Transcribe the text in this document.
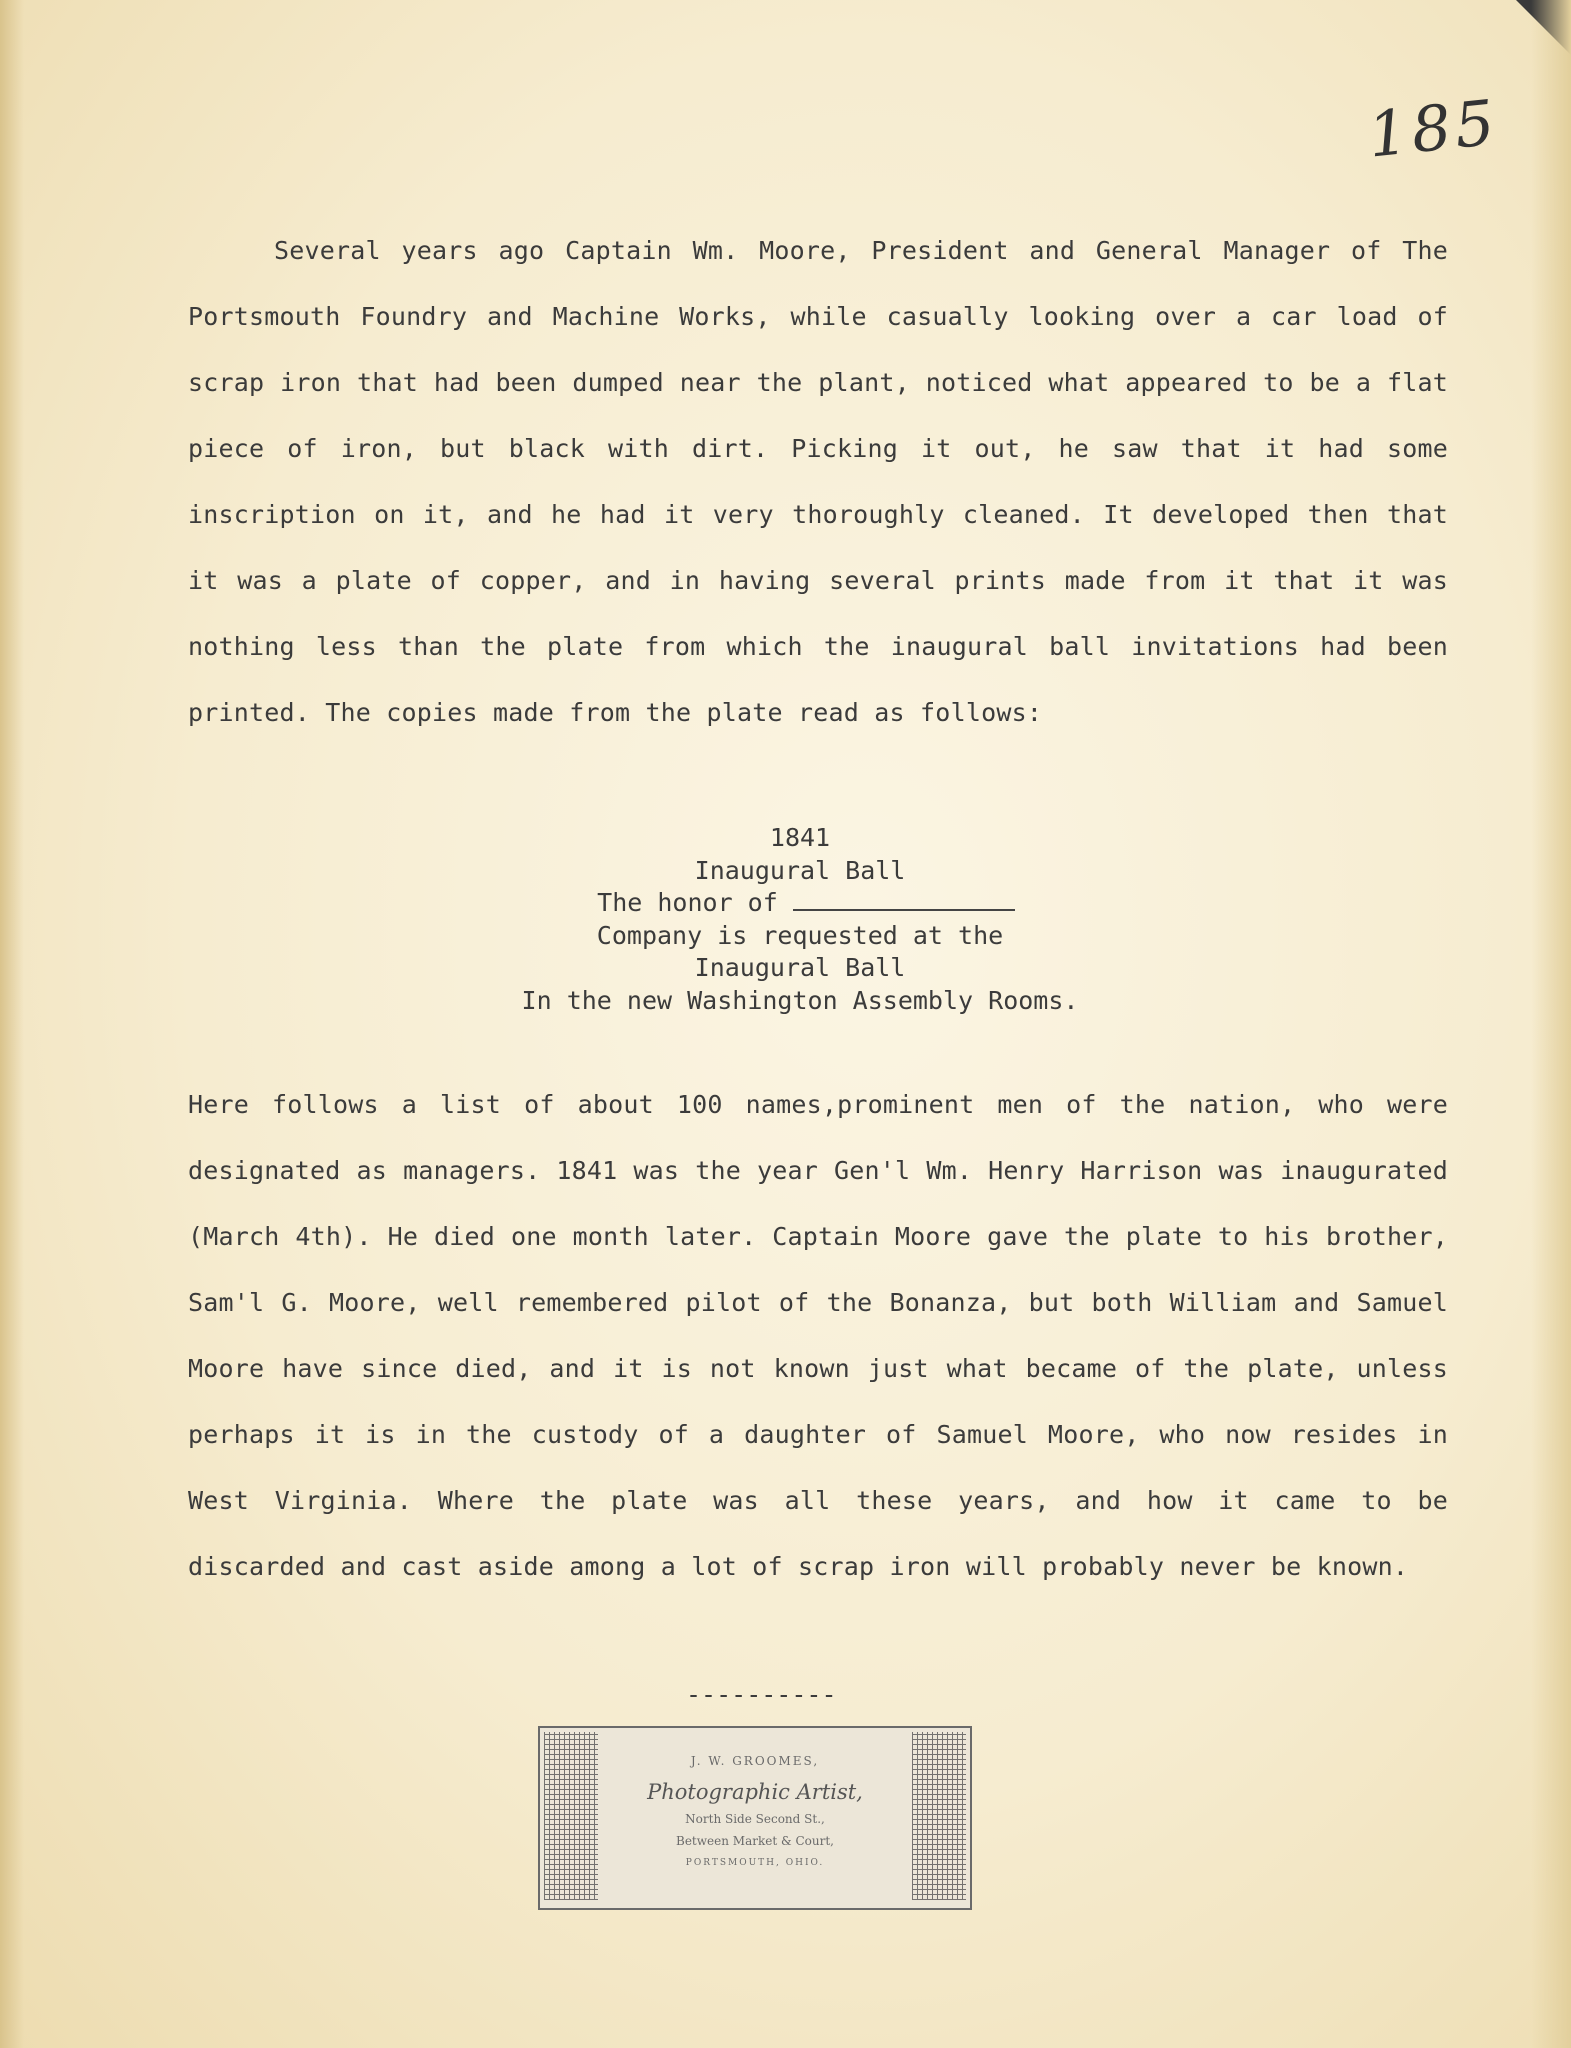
185

Several years ago Captain Wm. Moore, President and General Manager of The Portsmouth Foundry and Machine Works, while casually looking over a car load of scrap iron that had been dumped near the plant, noticed what appeared to be a flat piece of iron, but black with dirt. Picking it out, he saw that it had some inscription on it, and he had it very thoroughly cleaned. It developed then that it was a plate of copper, and in having several prints made from it that it was nothing less than the plate from which the inaugural ball invitations had been printed. The copies made from the plate read as follows:

1841
Inaugural Ball
The honor of
Company is requested at the
Inaugural Ball
In the new Washington Assembly Rooms.

Here follows a list of about 100 names,prominent men of the nation, who were designated as managers. 1841 was the year Gen'l Wm. Henry Harrison was inaugurated (March 4th). He died one month later. Captain Moore gave the plate to his brother, Sam'l G. Moore, well remembered pilot of the Bonanza, but both William and Samuel Moore have since died, and it is not known just what became of the plate, unless perhaps it is in the custody of a daughter of Samuel Moore, who now resides in West Virginia. Where the plate was all these years, and how it came to be discarded and cast aside among a lot of scrap iron will probably never be known.

----------
J. W. GROOMES,
Photographic Artist,
North Side Second St.,
Between Market & Court,
PORTSMOUTH, OHIO.
